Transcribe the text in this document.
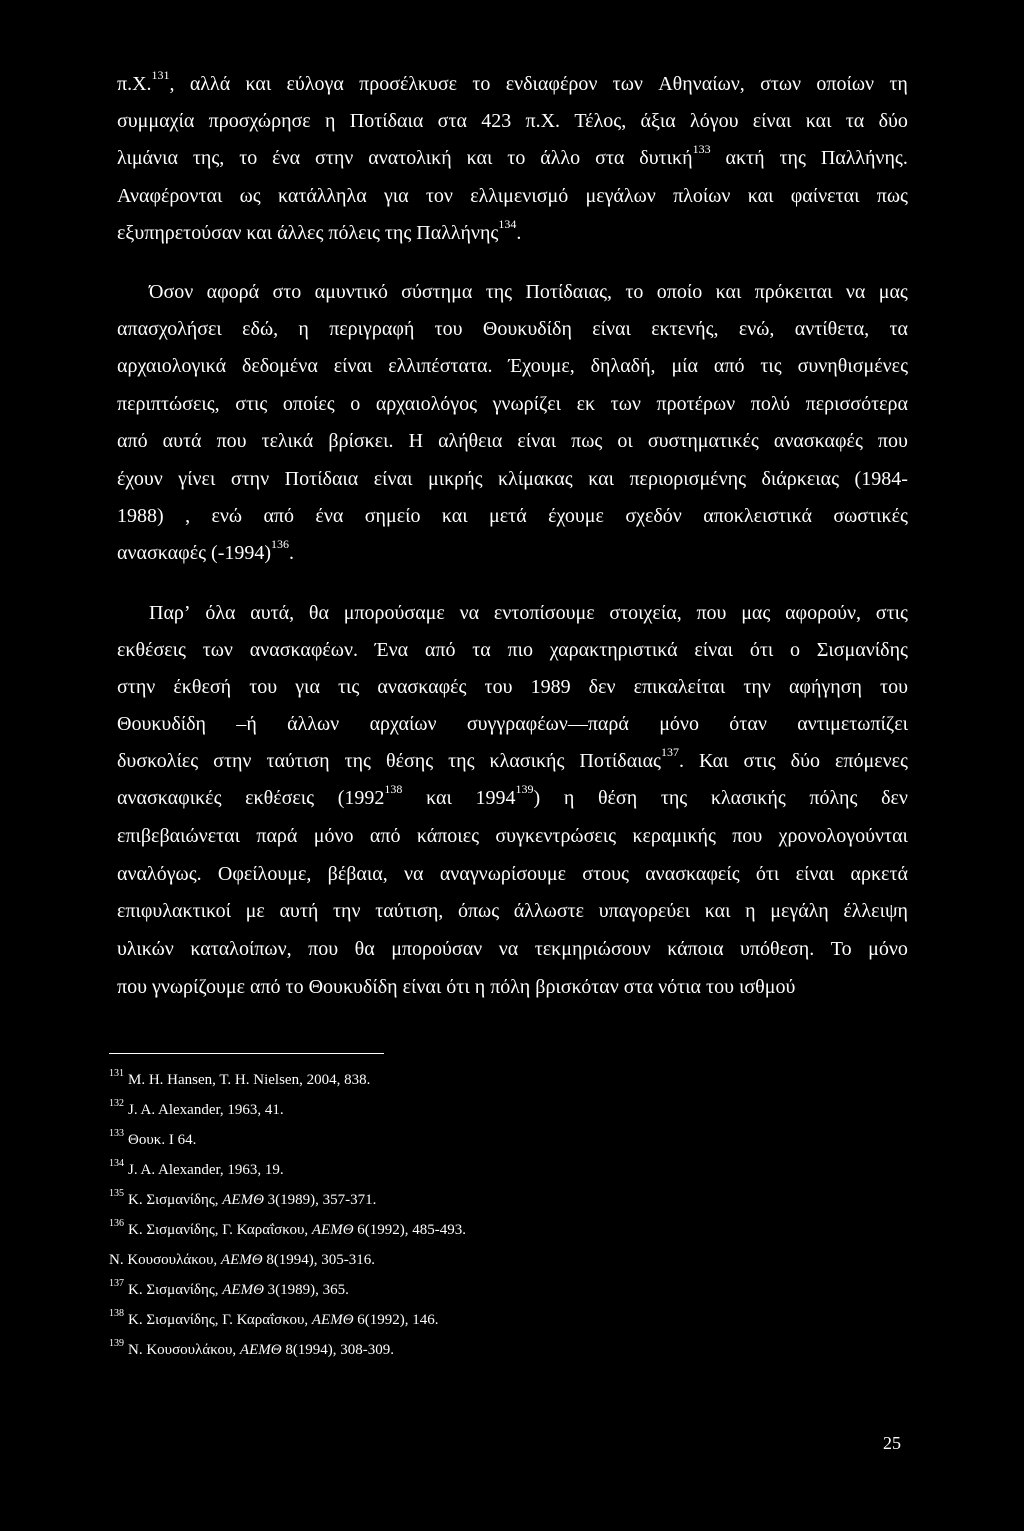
π.Χ.$^{131}$, αλλά και εύλογα προσέλκυσε το ενδιαφέρον των Αθηναίων, στων οποίων τη
συμμαχία προσχώρησε η Ποτίδαια στα 423 π.Χ. Τέλος, άξια λόγου είναι και τα δύο
λιμάνια της, το ένα στην ανατολική και το άλλο στα δυτική$^{133}$ ακτή της Παλλήνης.
Αναφέρονται ως κατάλληλα για τον ελλιμενισμό μεγάλων πλοίων και φαίνεται πως
εξυπηρετούσαν και άλλες πόλεις της Παλλήνης$^{134}$.
Όσον αφορά στο αμυντικό σύστημα της Ποτίδαιας, το οποίο και πρόκειται να μας
απασχολήσει εδώ, η περιγραφή του Θουκυδίδη είναι εκτενής, ενώ, αντίθετα, τα
αρχαιολογικά δεδομένα είναι ελλιπέστατα. Έχουμε, δηλαδή, μία από τις συνηθισμένες
περιπτώσεις, στις οποίες ο αρχαιολόγος γνωρίζει εκ των προτέρων πολύ περισσότερα
από αυτά που τελικά βρίσκει. Η αλήθεια είναι πως οι συστηματικές ανασκαφές που
έχουν γίνει στην Ποτίδαια είναι μικρής κλίμακας και περιορισμένης διάρκειας (1984-
1988) , ενώ από ένα σημείο και μετά έχουμε σχεδόν αποκλειστικά σωστικές
ανασκαφές $(-1994)^{136}$.
Παρ’ όλα αυτά, θα μπορούσαμε να εντοπίσουμε στοιχεία, που μας αφορούν, στις
εκθέσεις των ανασκαφέων. Ένα από τα πιο χαρακτηριστικά είναι ότι ο Σισμανίδης
στην έκθεσή του για τις ανασκαφές του 1989 δεν επικαλείται την αφήγηση του
Θουκυδίδη –ή άλλων αρχαίων συγγραφέων—παρά μόνο όταν αντιμετωπίζει
δυσκολίες στην ταύτιση της θέσης της κλασικής Ποτίδαιας$^{137}$. Και στις δύο επόμενες
ανασκαφικές εκθέσεις (1992$^{138}$ και 1994$^{139}$) η θέση της κλασικής πόλης δεν
επιβεβαιώνεται παρά μόνο από κάποιες συγκεντρώσεις κεραμικής που χρονολογούνται
αναλόγως. Οφείλουμε, βέβαια, να αναγνωρίσουμε στους ανασκαφείς ότι είναι αρκετά
επιφυλακτικοί με αυτή την ταύτιση, όπως άλλωστε υπαγορεύει και η μεγάλη έλλειψη
υλικών καταλοίπων, που θα μπορούσαν να τεκμηριώσουν κάποια υπόθεση. Το μόνο
που γνωρίζουμε από το Θουκυδίδη είναι ότι η πόλη βρισκόταν στα νότια του ισθμού
$^{131}$ M. H. Hansen, T. H. Nielsen, 2004, 838.
$^{132}$ J. A. Alexander, 1963, 41.
$^{133}$ Θουκ. I 64.
$^{134}$ J. A. Alexander, 1963, 19.
$^{135}$ Κ. Σισμανίδης, ΑΕΜΘ 3(1989), 357-371.
$^{136}$ Κ. Σισμανίδης, Γ. Καραΐσκου, ΑΕΜΘ 6(1992), 485-493.
Ν. Κουσουλάκου, ΑΕΜΘ 8(1994), 305-316.
$^{137}$ Κ. Σισμανίδης, ΑΕΜΘ 3(1989), 365.
$^{138}$ Κ. Σισμανίδης, Γ. Καραΐσκου, ΑΕΜΘ 6(1992), 146.
$^{139}$ Ν. Κουσουλάκου, ΑΕΜΘ 8(1994), 308-309.
25
